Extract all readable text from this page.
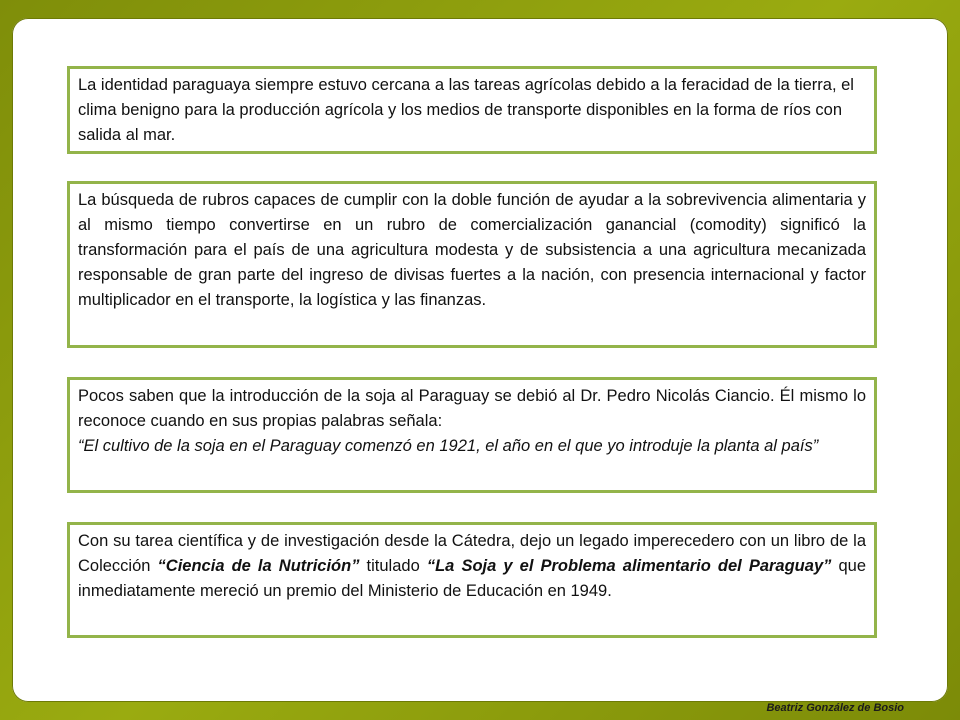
La identidad paraguaya siempre estuvo cercana a las tareas agrícolas debido a la feracidad de la tierra, el clima benigno para la producción agrícola y los medios de transporte disponibles en la forma de ríos con salida al mar.
La búsqueda de rubros capaces de cumplir con la doble función de ayudar a la sobrevivencia alimentaria y al mismo tiempo convertirse en un rubro de comercialización ganancial (comodity) significó la transformación para el país de una agricultura modesta y de subsistencia a una agricultura mecanizada responsable de gran parte del ingreso de divisas fuertes a la nación, con presencia internacional y factor multiplicador en el transporte, la logística y las finanzas.
Pocos saben que la introducción de la soja al Paraguay se debió al Dr. Pedro Nicolás Ciancio. Él mismo lo reconoce cuando en sus propias palabras señala:
“El cultivo de la soja en el Paraguay comenzó en 1921, el año en el que yo introduje la planta al país”
Con su tarea científica y de investigación desde la Cátedra, dejo un legado imperecedero con un libro de la Colección “Ciencia de la Nutrición” titulado “La Soja y el Problema alimentario del Paraguay” que inmediatamente mereció un premio del Ministerio de Educación en 1949.
Beatriz González de Bosio
